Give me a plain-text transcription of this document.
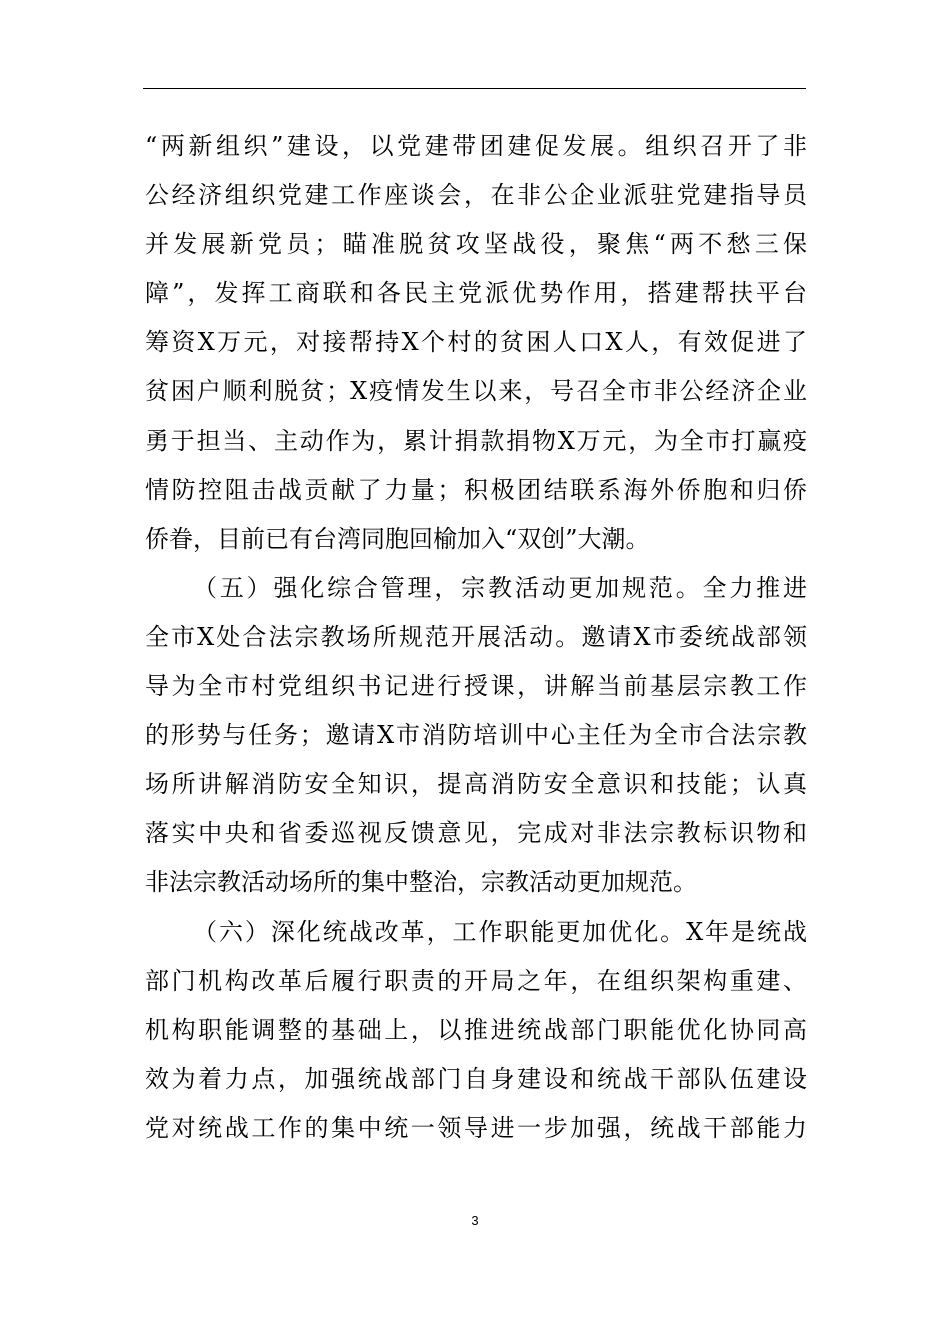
“两新组织”建设，以党建带团建促发展。组织召开了非
公经济组织党建工作座谈会，在非公企业派驻党建指导员
并发展新党员；瞄准脱贫攻坚战役，聚焦“两不愁三保
障”，发挥工商联和各民主党派优势作用，搭建帮扶平台
筹资X万元，对接帮持X个村的贫困人口X人，有效促进了
贫困户顺利脱贫；X疫情发生以来，号召全市非公经济企业
勇于担当、主动作为，累计捐款捐物X万元，为全市打赢疫
情防控阻击战贡献了力量；积极团结联系海外侨胞和归侨
侨眷，目前已有台湾同胞回榆加入“双创”大潮。
（五）强化综合管理，宗教活动更加规范。全力推进
全市X处合法宗教场所规范开展活动。邀请X市委统战部领
导为全市村党组织书记进行授课，讲解当前基层宗教工作
的形势与任务；邀请X市消防培训中心主任为全市合法宗教
场所讲解消防安全知识，提高消防安全意识和技能；认真
落实中央和省委巡视反馈意见，完成对非法宗教标识物和
非法宗教活动场所的集中整治，宗教活动更加规范。
（六）深化统战改革，工作职能更加优化。X年是统战
部门机构改革后履行职责的开局之年，在组织架构重建、
机构职能调整的基础上，以推进统战部门职能优化协同高
效为着力点，加强统战部门自身建设和统战干部队伍建设
党对统战工作的集中统一领导进一步加强，统战干部能力
3
